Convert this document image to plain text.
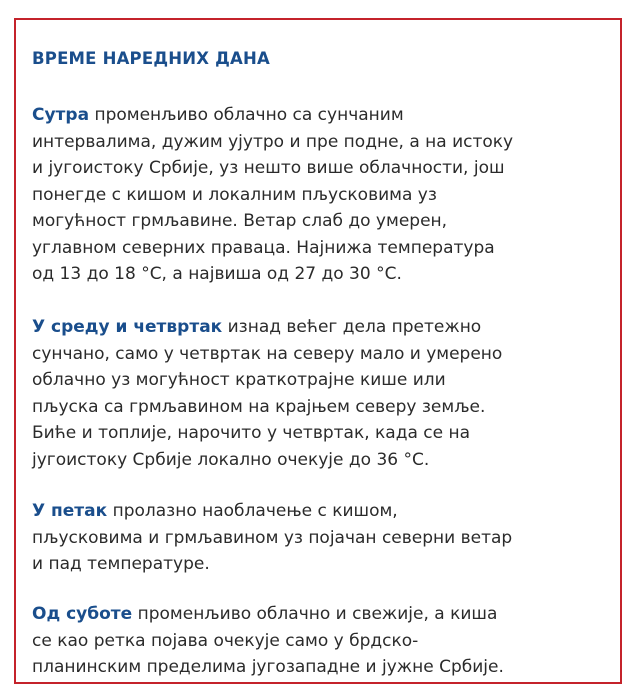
ВРЕМЕ НАРЕДНИХ ДАНА

Сутра променљиво облачно са сунчаним
интервалима, дужим ујутро и пре подне, а на истоку
и југоистоку Србије, уз нешто више облачности, још
понегде с кишом и локалним пљусковима уз
могућност грмљавине. Ветар слаб до умерен,
углавном северних праваца. Најнижа температура
од 13 до 18 °C, а највиша од 27 до 30 °C.

У среду и четвртак изнад већег дела претежно
сунчано, само у четвртак на северу мало и умерено
облачно уз могућност краткотрајне кише или
пљуска са грмљавином на крајњем северу земље.
Биће и топлије, нарочито у четвртак, када се на
југоистоку Србије локално очекује до 36 °C.

У петак пролазно наоблачење с кишом,
пљусковима и грмљавином уз појачан северни ветар
и пад температуре.

Од суботе променљиво облачно и свежије, а киша
се као ретка појава очекује само у брдско-
планинским пределима југозападне и јужне Србије.
